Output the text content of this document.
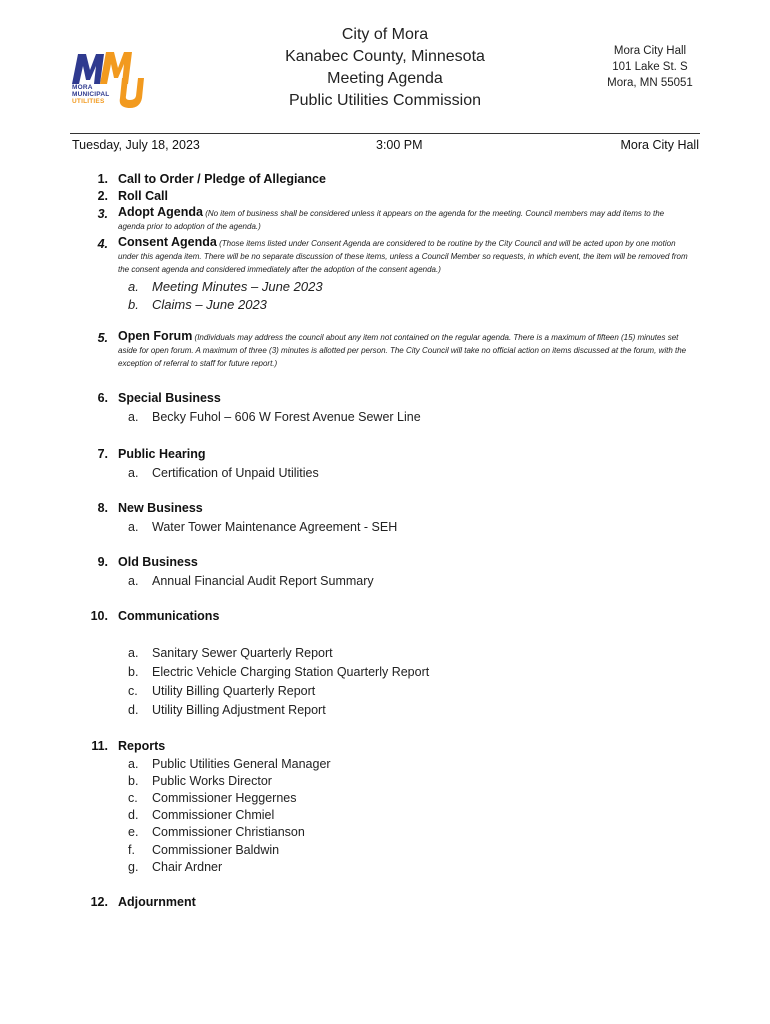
MORA
MUNICIPAL
UTILITIES
City of Mora
Kanabec County, Minnesota
Meeting Agenda
Public Utilities Commission
Mora City Hall
101 Lake St. S
Mora, MN 55051
Tuesday, July 18, 2023	3:00 PM	Mora City Hall
1. Call to Order / Pledge of Allegiance
2. Roll Call
3. Adopt Agenda (No item of business shall be considered unless it appears on the agenda for the meeting. Council members may add items to the agenda prior to adoption of the agenda.)
4. Consent Agenda (Those items listed under Consent Agenda are considered to be routine by the City Council and will be acted upon by one motion under this agenda item. There will be no separate discussion of these items, unless a Council Member so requests, in which event, the item will be removed from the consent agenda and considered immediately after the adoption of the consent agenda.)
a. Meeting Minutes – June 2023
b. Claims – June 2023
5. Open Forum (Individuals may address the council about any item not contained on the regular agenda. There is a maximum of fifteen (15) minutes set aside for open forum. A maximum of three (3) minutes is allotted per person. The City Council will take no official action on items discussed at the forum, with the exception of referral to staff for future report.)
6. Special Business
a. Becky Fuhol – 606 W Forest Avenue Sewer Line
7. Public Hearing
a. Certification of Unpaid Utilities
8. New Business
a. Water Tower Maintenance Agreement - SEH
9. Old Business
a. Annual Financial Audit Report Summary
10. Communications
a. Sanitary Sewer Quarterly Report
b. Electric Vehicle Charging Station Quarterly Report
c.	Utility Billing Quarterly Report
d. Utility Billing Adjustment Report
11. Reports
a. Public Utilities General Manager
b. Public Works Director
c.	Commissioner Heggernes
d. Commissioner Chmiel
e. Commissioner Christianson
f.	Commissioner Baldwin
g. Chair Ardner
12. Adjournment
